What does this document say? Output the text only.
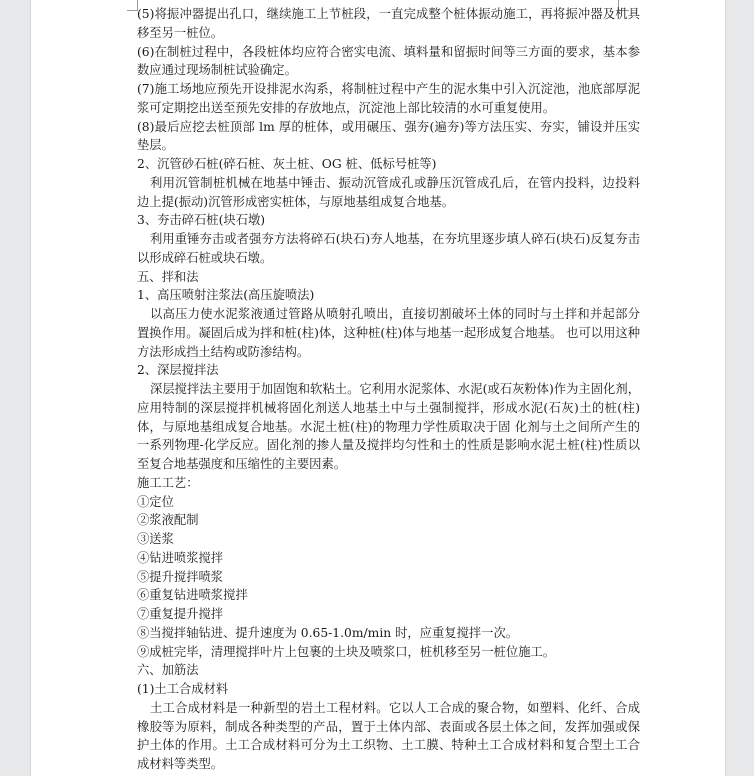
(5)将振冲器提出孔口，继续施工上节桩段，一直完成整个桩体振动施工，再将振冲器及机具移至另一桩位。

(6)在制桩过程中，各段桩体均应符合密实电流、填料量和留振时间等三方面的要求，基本参数应通过现场制桩试验确定。

(7)施工场地应预先开设排泥水沟系，将制桩过程中产生的泥水集中引入沉淀池，池底部厚泥浆可定期挖出送至预先安排的存放地点，沉淀池上部比较清的水可重复使用。

(8)最后应挖去桩顶部 lm 厚的桩体，或用碾压、强夯(遍夯)等方法压实、夯实，铺设并压实垫层。

2、沉管砂石桩(碎石桩、灰土桩、OG 桩、低标号桩等)

利用沉管制桩机械在地基中锤击、振动沉管成孔或静压沉管成孔后，在管内投料，边投料边上提(振动)沉管形成密实桩体，与原地基组成复合地基。

3、夯击碎石桩(块石墩)

利用重锤夯击或者强夯方法将碎石(块石)夯人地基，在夯坑里逐步填人碎石(块石)反复夯击以形成碎石桩或块石墩。

五、拌和法

1、高压喷射注浆法(高压旋喷法)

以高压力使水泥浆液通过管路从喷射孔喷出，直接切割破坏土体的同时与土拌和并起部分置换作用。凝固后成为拌和桩(柱)体，这种桩(柱)体与地基一起形成复合地基。 也可以用这种方法形成挡土结构或防渗结构。

2、深层搅拌法

深层搅拌法主要用于加固饱和软粘土。它利用水泥浆体、水泥(或石灰粉体)作为主固化剂，应用特制的深层搅拌机械将固化剂送人地基土中与土强制搅拌，形成水泥(石灰)土的桩(柱)体，与原地基组成复合地基。水泥土桩(柱)的物理力学性质取决于固 化剂与土之间所产生的一系列物理-化学反应。固化剂的掺人量及搅拌均匀性和土的性质是影响水泥土桩(柱)性质以至复合地基强度和压缩性的主要因素。

施工工艺：

①定位

②浆液配制

③送浆

④钻进喷浆搅拌

⑤提升搅拌喷浆

⑥重复钻进喷浆搅拌

⑦重复提升搅拌

⑧当搅拌轴钻进、提升速度为 0.65-1.0m/min 时，应重复搅拌一次。

⑨成桩完毕，清理搅拌叶片上包裹的土块及喷浆口，桩机移至另一桩位施工。

六、加筋法

(1)土工合成材料

土工合成材料是一种新型的岩土工程材料。它以人工合成的聚合物，如塑料、化纤、合成橡胶等为原料，制成各种类型的产品，置于土体内部、表面或各层土体之间，发挥加强或保护土体的作用。土工合成材料可分为土工织物、土工膜、特种土工合成材料和复合型土工合成材料等类型。
